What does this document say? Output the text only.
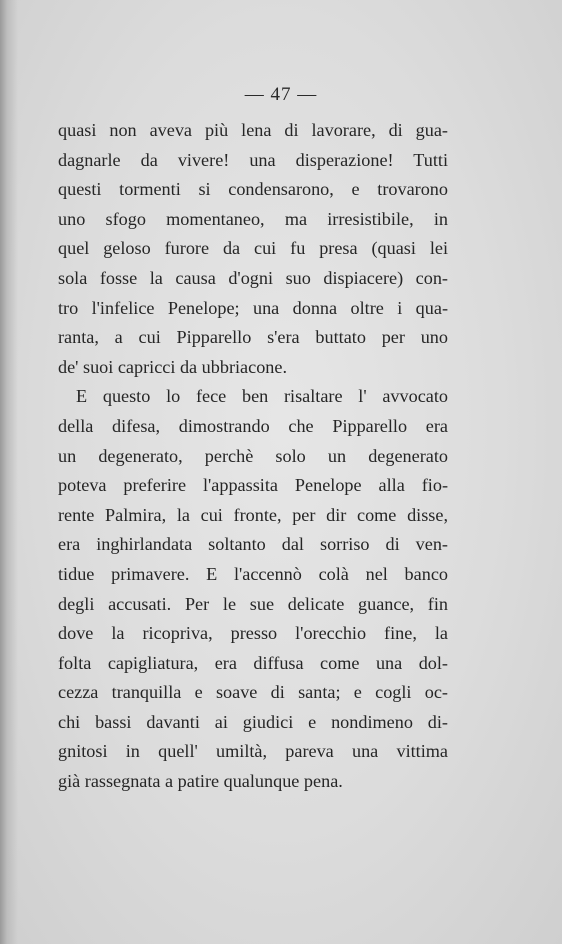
— 47 —
quasi non aveva più lena di lavorare, di gua-
dagnarle da vivere! una disperazione! Tutti
questi tormenti si condensarono, e trovarono
uno sfogo momentaneo, ma irresistibile, in
quel geloso furore da cui fu presa (quasi lei
sola fosse la causa d'ogni suo dispiacere) con-
tro l'infelice Penelope; una donna oltre i qua-
ranta, a cui Pipparello s'era buttato per uno
de' suoi capricci da ubbriacone.
E questo lo fece ben risaltare l' avvocato
della difesa, dimostrando che Pipparello era
un degenerato, perchè solo un degenerato
poteva preferire l'appassita Penelope alla fio-
rente Palmira, la cui fronte, per dir come disse,
era inghirlandata soltanto dal sorriso di ven-
tidue primavere. E l'accennò colà nel banco
degli accusati. Per le sue delicate guance, fin
dove la ricopriva, presso l'orecchio fine, la
folta capigliatura, era diffusa come una dol-
cezza tranquilla e soave di santa; e cogli oc-
chi bassi davanti ai giudici e nondimeno di-
gnitosi in quell' umiltà, pareva una vittima
già rassegnata a patire qualunque pena.
